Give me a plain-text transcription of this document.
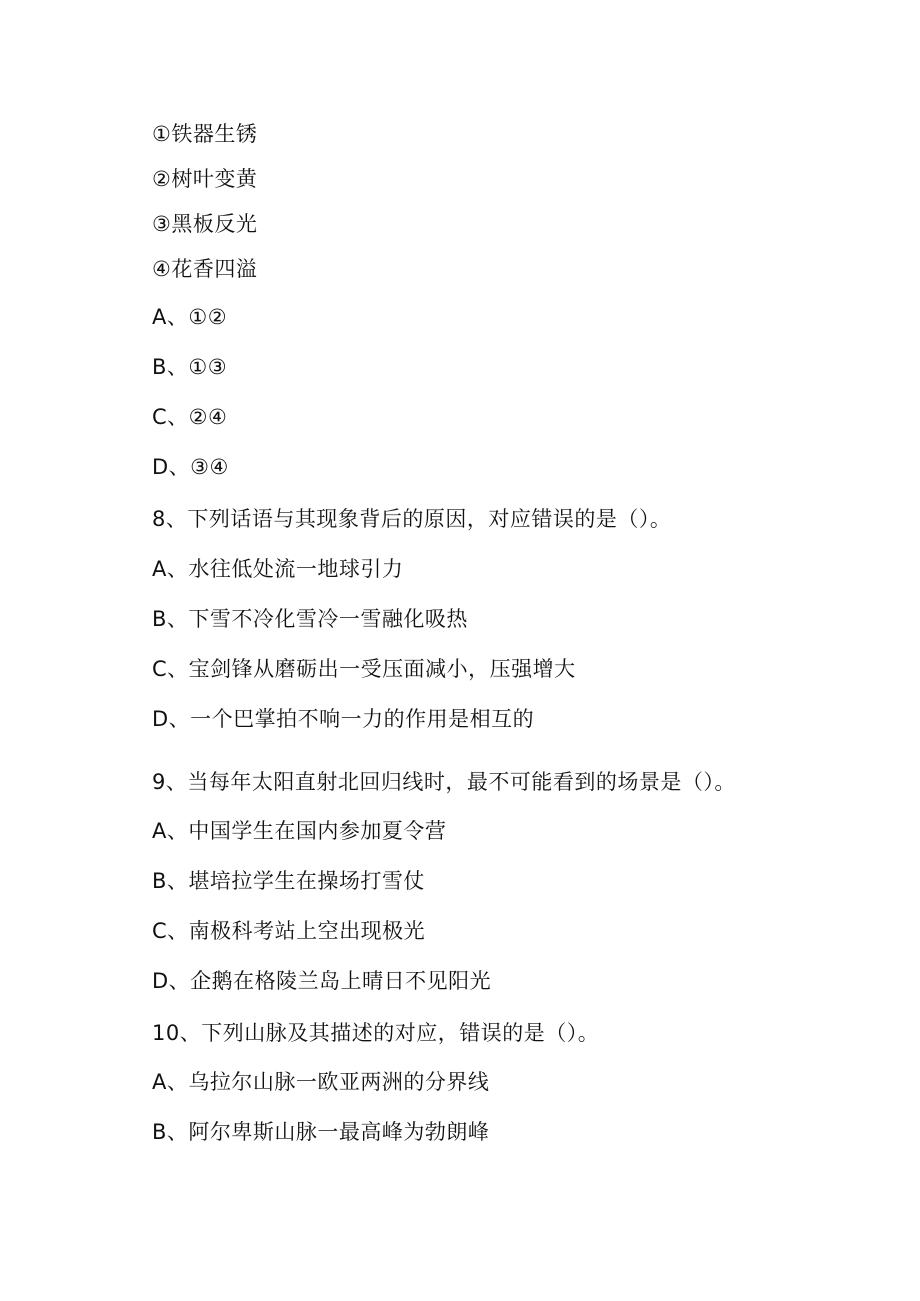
①铁器生锈
②树叶变黄
③黑板反光
④花香四溢
A、①②
B、①③
C、②④
D、③④
8、下列话语与其现象背后的原因，对应错误的是（）。
A、水往低处流一地球引力
B、下雪不冷化雪冷一雪融化吸热
C、宝剑锋从磨砺出一受压面减小，压强增大
D、一个巴掌拍不响一力的作用是相互的
9、当每年太阳直射北回归线时，最不可能看到的场景是（）。
A、中国学生在国内参加夏令营
B、堪培拉学生在操场打雪仗
C、南极科考站上空出现极光
D、企鹅在格陵兰岛上晴日不见阳光
10、下列山脉及其描述的对应，错误的是（）。
A、乌拉尔山脉一欧亚两洲的分界线
B、阿尔卑斯山脉一最高峰为勃朗峰
